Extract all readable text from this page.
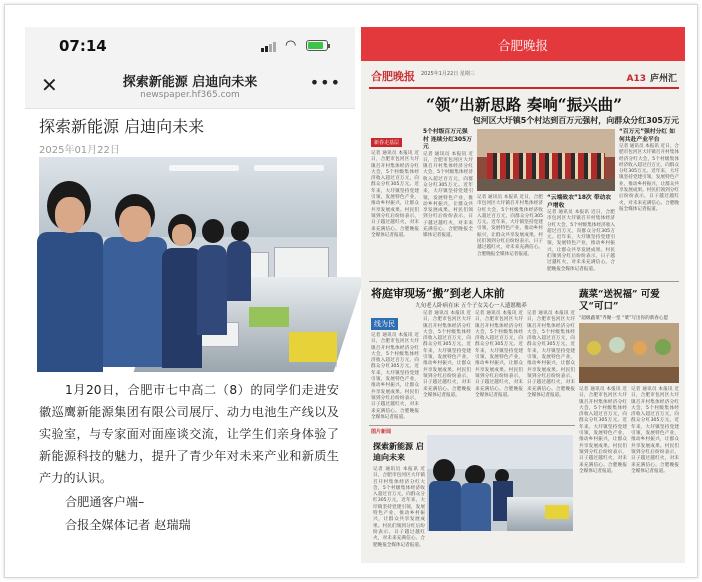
07:14	◠
✕	探索新能源 启迪向未来
newspaper.hf365.com
•••
探索新能源 启迪向未来
2025年01月22日
1月20日，合肥市七中高二（8）的同学们走进安徽巡鹰新能源集团有限公司展厅、动力电池生产线以及实验室，与专家面对面座谈交流，让学生们亲身体验了新能源科技的魅力，提升了青少年对未来产业和新质生产力的认识。
合肥通客户端–
合报全媒体记者 赵瑞瑞
合肥晚报
合肥晚报 2025年1月22日 星期三	A13 庐州汇
“领”出新思路 奏响“振兴曲”
包河区大圩镇5个村达到百万元强村，向群众分红305万元
新春走基层
记者 通讯员 本报讯 近日，合肥市包河区大圩镇召开村集体经济分红大会，5个村级集体经济收入超过百万元，向群众分红305万元。近年来，大圩镇坚持党建引领，发展特色产业，推动乡村振兴，让群众共享发展成果。村民们领到分红后纷纷表示，日子越过越红火，对未来充满信心。合肥晚报全媒体记者报道。
5个村级百万元强村 连续分红305万元
记者 通讯员 本报讯 近日，合肥市包河区大圩镇召开村集体经济分红大会，5个村级集体经济收入超过百万元，向群众分红305万元。近年来，大圩镇坚持党建引领，发展特色产业，推动乡村振兴，让群众共享发展成果。村民们领到分红后纷纷表示，日子越过越红火，对未来充满信心。合肥晚报全媒体记者报道。
记者 通讯员 本报讯 近日，合肥市包河区大圩镇召开村集体经济分红大会，5个村级集体经济收入超过百万元，向群众分红305万元。近年来，大圩镇坚持党建引领，发展特色产业，推动乡村振兴，让群众共享发展成果。村民们领到分红后纷纷表示，日子越过越红火，对未来充满信心。合肥晚报全媒体记者报道。
“云端致农”18次 带动农户增收
记者 通讯员 本报讯 近日，合肥市包河区大圩镇召开村集体经济分红大会，5个村级集体经济收入超过百万元，向群众分红305万元。近年来，大圩镇坚持党建引领，发展特色产业，推动乡村振兴，让群众共享发展成果。村民们领到分红后纷纷表示，日子越过越红火，对未来充满信心。合肥晚报全媒体记者报道。
“百万元”强村分红 如何共赴产业平台
记者 通讯员 本报讯 近日，合肥市包河区大圩镇召开村集体经济分红大会，5个村级集体经济收入超过百万元，向群众分红305万元。近年来，大圩镇坚持党建引领，发展特色产业，推动乡村振兴，让群众共享发展成果。村民们领到分红后纷纷表示，日子越过越红火，对未来充满信心。合肥晚报全媒体记者报道。
将庭审现场“搬”到老人床前
九旬老人卧病在床 五个子女关心一人遗愿赡养
线为民
记者 通讯员 本报讯 近日，合肥市包河区大圩镇召开村集体经济分红大会，5个村级集体经济收入超过百万元，向群众分红305万元。近年来，大圩镇坚持党建引领，发展特色产业，推动乡村振兴，让群众共享发展成果。村民们领到分红后纷纷表示，日子越过越红火，对未来充满信心。合肥晚报全媒体记者报道。
记者 通讯员 本报讯 近日，合肥市包河区大圩镇召开村集体经济分红大会，5个村级集体经济收入超过百万元，向群众分红305万元。近年来，大圩镇坚持党建引领，发展特色产业，推动乡村振兴，让群众共享发展成果。村民们领到分红后纷纷表示，日子越过越红火，对未来充满信心。合肥晚报全媒体记者报道。
记者 通讯员 本报讯 近日，合肥市包河区大圩镇召开村集体经济分红大会，5个村级集体经济收入超过百万元，向群众分红305万元。近年来，大圩镇坚持党建引领，发展特色产业，推动乡村振兴，让群众共享发展成果。村民们领到分红后纷纷表示，日子越过越红火，对未来充满信心。合肥晚报全媒体记者报道。
记者 通讯员 本报讯 近日，合肥市包河区大圩镇召开村集体经济分红大会，5个村级集体经济收入超过百万元，向群众分红305万元。近年来，大圩镇坚持党建引领，发展特色产业，推动乡村振兴，让群众共享发展成果。村民们领到分红后纷纷表示，日子越过越红火，对未来充满信心。合肥晚报全媒体记者报道。
蔬菜“送祝福” 可爱又“可口”
“超级蔬菜”齐聚一堂 “菜”写出你的新春心愿
记者 通讯员 本报讯 近日，合肥市包河区大圩镇召开村集体经济分红大会，5个村级集体经济收入超过百万元，向群众分红305万元。近年来，大圩镇坚持党建引领，发展特色产业，推动乡村振兴，让群众共享发展成果。村民们领到分红后纷纷表示，日子越过越红火，对未来充满信心。合肥晚报全媒体记者报道。
记者 通讯员 本报讯 近日，合肥市包河区大圩镇召开村集体经济分红大会，5个村级集体经济收入超过百万元，向群众分红305万元。近年来，大圩镇坚持党建引领，发展特色产业，推动乡村振兴，让群众共享发展成果。村民们领到分红后纷纷表示，日子越过越红火，对未来充满信心。合肥晚报全媒体记者报道。
图片新闻
探索新能源 启迪向未来
记者 通讯员 本报讯 近日，合肥市包河区大圩镇召开村集体经济分红大会，5个村级集体经济收入超过百万元，向群众分红305万元。近年来，大圩镇坚持党建引领，发展特色产业，推动乡村振兴，让群众共享发展成果。村民们领到分红后纷纷表示，日子越过越红火，对未来充满信心。合肥晚报全媒体记者报道。
